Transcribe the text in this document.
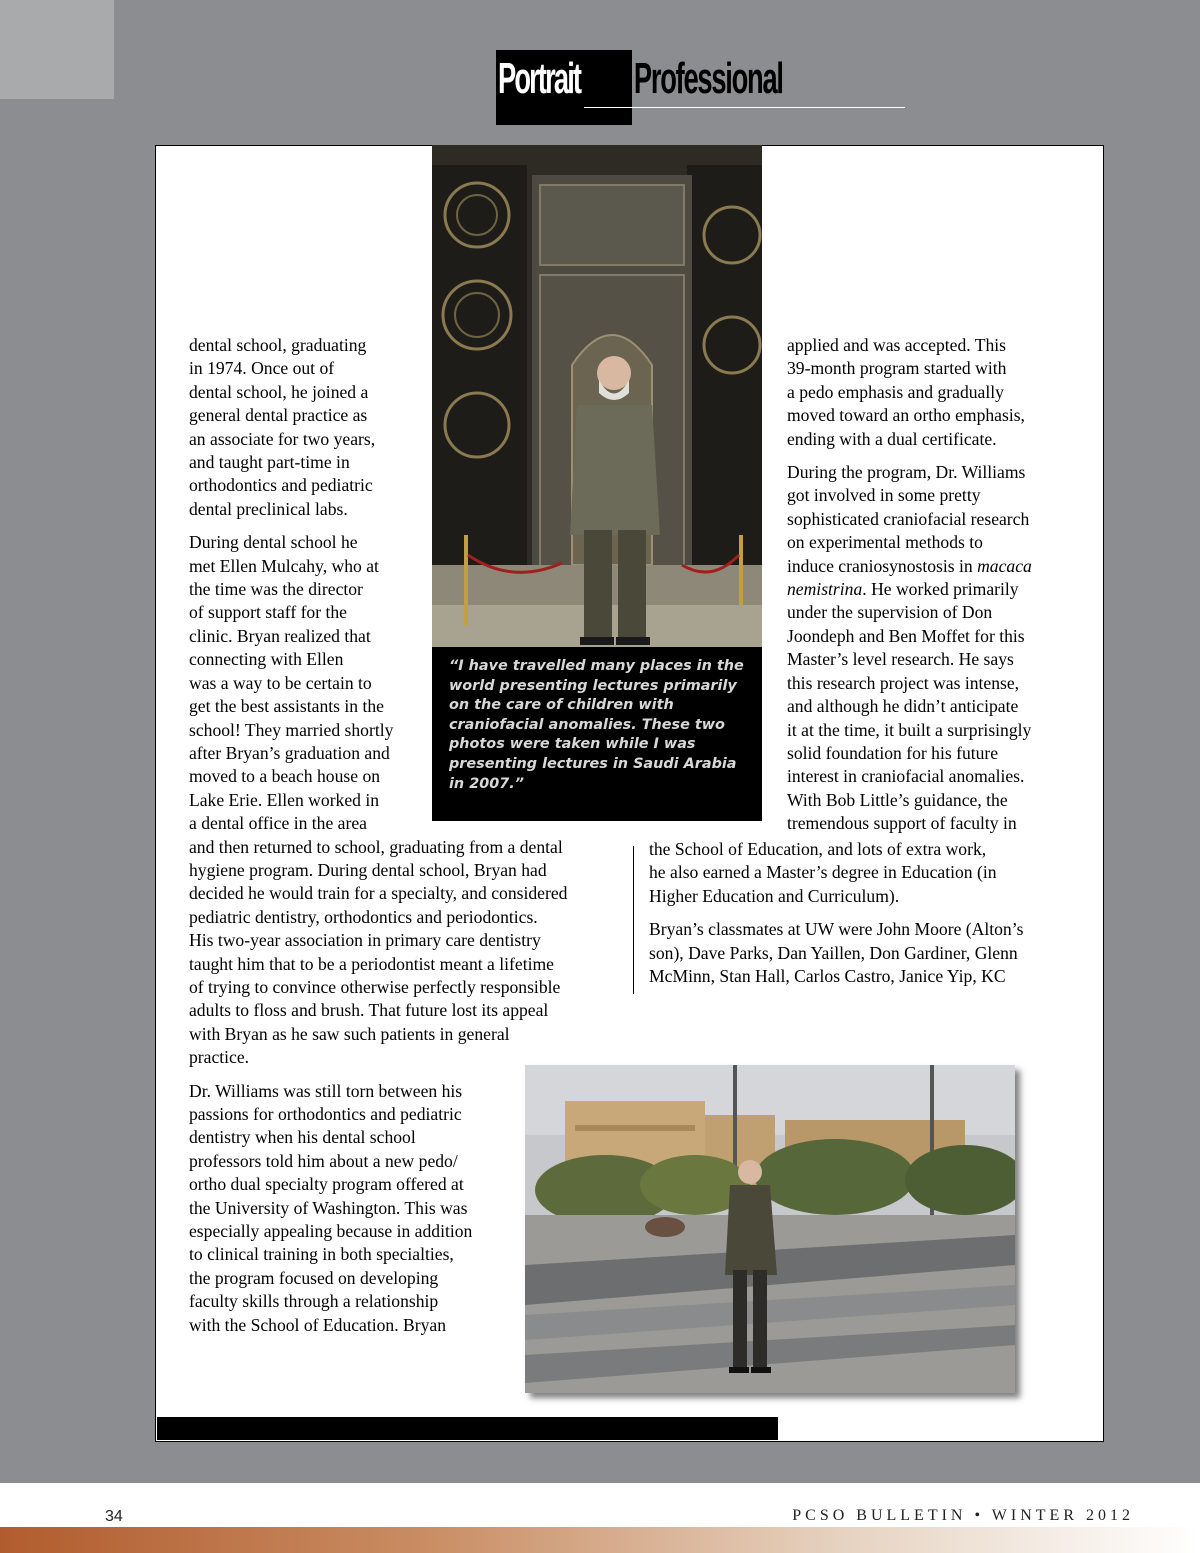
Portrait of a Professional
“I have travelled many places in the world presenting lectures primarily on the care of children with craniofacial anomalies. These two photos were taken while I was presenting lectures in Saudi Arabia in 2007.”

dental school, graduating
in 1974. Once out of
dental school, he joined a
general dental practice as
an associate for two years,
and taught part-time in
orthodontics and pediatric
dental preclinical labs.

During dental school he
met Ellen Mulcahy, who at
the time was the director
of support staff for the
clinic. Bryan realized that
connecting with Ellen
was a way to be certain to
get the best assistants in the
school! They married shortly
after Bryan’s graduation and
moved to a beach house on
Lake Erie. Ellen worked in
a dental office in the area
and then returned to school, graduating from a dental
hygiene program. During dental school, Bryan had
decided he would train for a specialty, and considered
pediatric dentistry, orthodontics and periodontics.
His two-year association in primary care dentistry
taught him that to be a periodontist meant a lifetime
of trying to convince otherwise perfectly responsible
adults to floss and brush. That future lost its appeal
with Bryan as he saw such patients in general
practice.

Dr. Williams was still torn between his
passions for orthodontics and pediatric
dentistry when his dental school
professors told him about a new pedo/
ortho dual specialty program offered at
the University of Washington. This was
especially appealing because in addition
to clinical training in both specialties,
the program focused on developing
faculty skills through a relationship
with the School of Education. Bryan

applied and was accepted. This
39-month program started with
a pedo emphasis and gradually
moved toward an ortho emphasis,
ending with a dual certificate.

During the program, Dr. Williams
got involved in some pretty
sophisticated craniofacial research
on experimental methods to
induce craniosynostosis in macaca
nemistrina. He worked primarily
under the supervision of Don
Joondeph and Ben Moffet for this
Master’s level research. He says
this research project was intense,
and although he didn’t anticipate
it at the time, it built a surprisingly
solid foundation for his future
interest in craniofacial anomalies.
With Bob Little’s guidance, the
tremendous support of faculty in

the School of Education, and lots of extra work,
he also earned a Master’s degree in Education (in
Higher Education and Curriculum).

Bryan’s classmates at UW were John Moore (Alton’s
son), Dave Parks, Dan Yaillen, Don Gardiner, Glenn
McMinn, Stan Hall, Carlos Castro, Janice Yip, KC

34	PCSO BULLETIN • WINTER 2012
